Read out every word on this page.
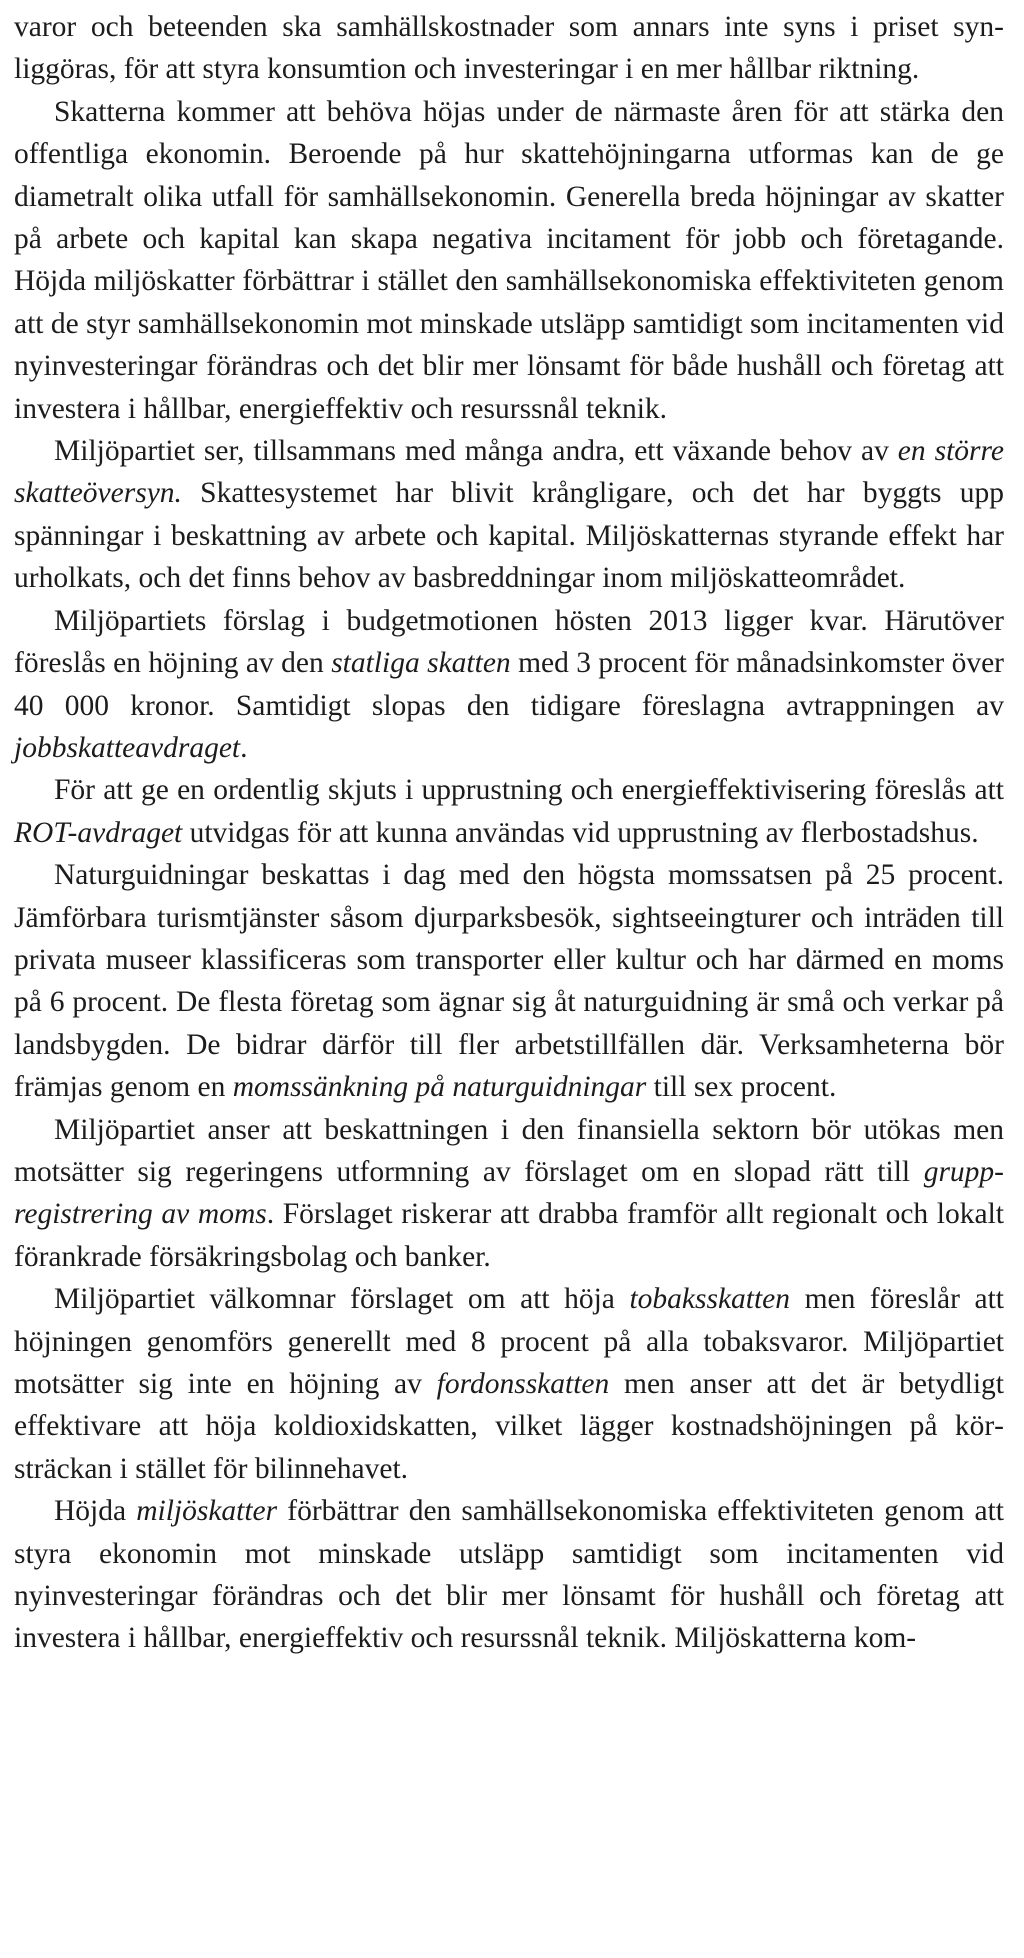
varor och beteenden ska samhällskostnader som annars inte syns i priset synliggöras, för att styra konsumtion och investeringar i en mer hållbar riktning.

Skatterna kommer att behöva höjas under de närmaste åren för att stärka den offentliga ekonomin. Beroende på hur skattehöjningarna utformas kan de ge diametralt olika utfall för samhällsekonomin. Generella breda höjningar av skatter på arbete och kapital kan skapa negativa incitament för jobb och företagande. Höjda miljöskatter förbättrar i stället den samhällsekonomiska effektiviteten genom att de styr samhällsekonomin mot minskade utsläpp samtidigt som incitamenten vid nyinvesteringar förändras och det blir mer lönsamt för både hushåll och företag att investera i hållbar, energieffektiv och resurssnål teknik.

Miljöpartiet ser, tillsammans med många andra, ett växande behov av en större skatteöversyn. Skattesystemet har blivit krångligare, och det har byggts upp spänningar i beskattning av arbete och kapital. Miljöskatternas styrande effekt har urholkats, och det finns behov av basbreddningar inom miljöskatteområdet.

Miljöpartiets förslag i budgetmotionen hösten 2013 ligger kvar. Härutöver föreslås en höjning av den statliga skatten med 3 procent för månadsinkomster över 40 000 kronor. Samtidigt slopas den tidigare föreslagna avtrappningen av jobbskatteavdraget.

För att ge en ordentlig skjuts i upprustning och energieffektivisering föreslås att ROT-avdraget utvidgas för att kunna användas vid upprustning av flerbostadshus.

Naturguidningar beskattas i dag med den högsta momssatsen på 25 procent. Jämförbara turismtjänster såsom djurparksbesök, sightseeingturer och inträden till privata museer klassificeras som transporter eller kultur och har därmed en moms på 6 procent. De flesta företag som ägnar sig åt naturguidning är små och verkar på landsbygden. De bidrar därför till fler arbetstillfällen där. Verksamheterna bör främjas genom en momssänkning på naturguidningar till sex procent.

Miljöpartiet anser att beskattningen i den finansiella sektorn bör utökas men motsätter sig regeringens utformning av förslaget om en slopad rätt till gruppregistrering av moms. Förslaget riskerar att drabba framför allt regionalt och lokalt förankrade försäkringsbolag och banker.

Miljöpartiet välkomnar förslaget om att höja tobaksskatten men föreslår att höjningen genomförs generellt med 8 procent på alla tobaksvaror. Miljöpartiet motsätter sig inte en höjning av fordonsskatten men anser att det är betydligt effektivare att höja koldioxidskatten, vilket lägger kostnadshöjningen på körsträckan i stället för bilinnehavet.

Höjda miljöskatter förbättrar den samhällsekonomiska effektiviteten genom att styra ekonomin mot minskade utsläpp samtidigt som incitamenten vid nyinvesteringar förändras och det blir mer lönsamt för hushåll och företag att investera i hållbar, energieffektiv och resurssnål teknik. Miljöskatterna kom-
